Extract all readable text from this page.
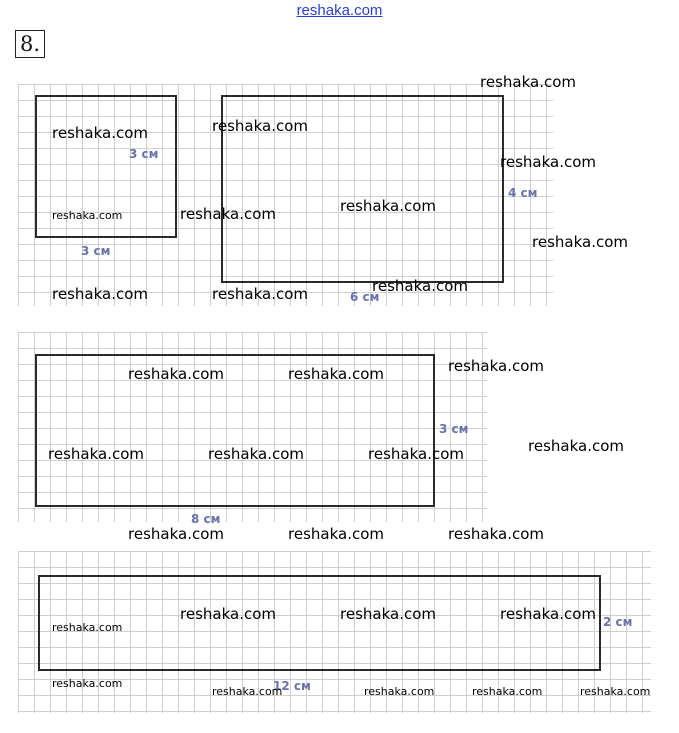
reshaka.com
8.
3 см
3 см
4 см
6 см
3 см
8 см
2 см
12 см
reshaka.com
reshaka.com	reshaka.com
reshaka.com
reshaka.com
reshaka.com	reshaka.com
reshaka.com
reshaka.com
reshaka.com	reshaka.com
reshaka.com
reshaka.com	reshaka.com
reshaka.com
reshaka.com	reshaka.com	reshaka.com
reshaka.com	reshaka.com	reshaka.com
reshaka.com	reshaka.com	reshaka.com
reshaka.com
reshaka.com
reshaka.com	reshaka.com	reshaka.com	reshaka.com
